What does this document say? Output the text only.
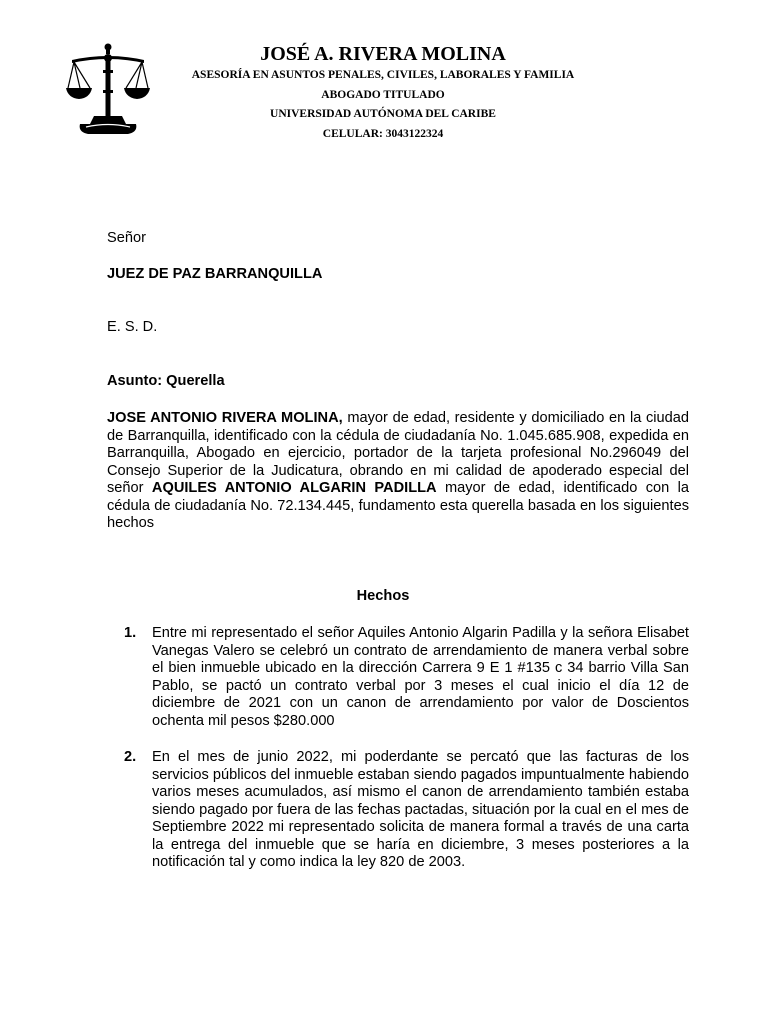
JOSÉ A. RIVERA MOLINA

ASESORÍA EN ASUNTOS PENALES, CIVILES, LABORALES Y FAMILIA

ABOGADO TITULADO

UNIVERSIDAD AUTÓNOMA DEL CARIBE

CELULAR: 3043122324

Señor
JUEZ DE PAZ BARRANQUILLA
E. S. D.
Asunto: Querella
JOSE ANTONIO RIVERA MOLINA, mayor de edad, residente y domiciliado en la ciudad de Barranquilla, identificado con la cédula de ciudadanía No. 1.045.685.908, expedida en Barranquilla, Abogado en ejercicio, portador de la tarjeta profesional No.296049 del Consejo Superior de la Judicatura, obrando en mi calidad de apoderado especial del señor AQUILES ANTONIO ALGARIN PADILLA mayor de edad, identificado con la cédula de ciudadanía No. 72.134.445, fundamento esta querella basada en los siguientes hechos
Hechos
1.	Entre mi representado el señor Aquiles Antonio Algarin Padilla y la señora Elisabet Vanegas Valero se celebró un contrato de arrendamiento de manera verbal sobre el bien inmueble ubicado en la dirección Carrera 9 E 1 #135 c 34 barrio Villa San Pablo, se pactó un contrato verbal por 3 meses el cual inicio el día 12 de diciembre de 2021 con un canon de arrendamiento por valor de Doscientos ochenta mil pesos $280.000
2.	En el mes de junio 2022, mi poderdante se percató que las facturas de los servicios públicos del inmueble estaban siendo pagados impuntualmente habiendo varios meses acumulados, así mismo el canon de arrendamiento también estaba siendo pagado por fuera de las fechas pactadas, situación por la cual en el mes de Septiembre 2022 mi representado solicita de manera formal a través de una carta la entrega del inmueble que se haría en diciembre, 3 meses posteriores a la notificación tal y como indica la ley 820 de 2003.
